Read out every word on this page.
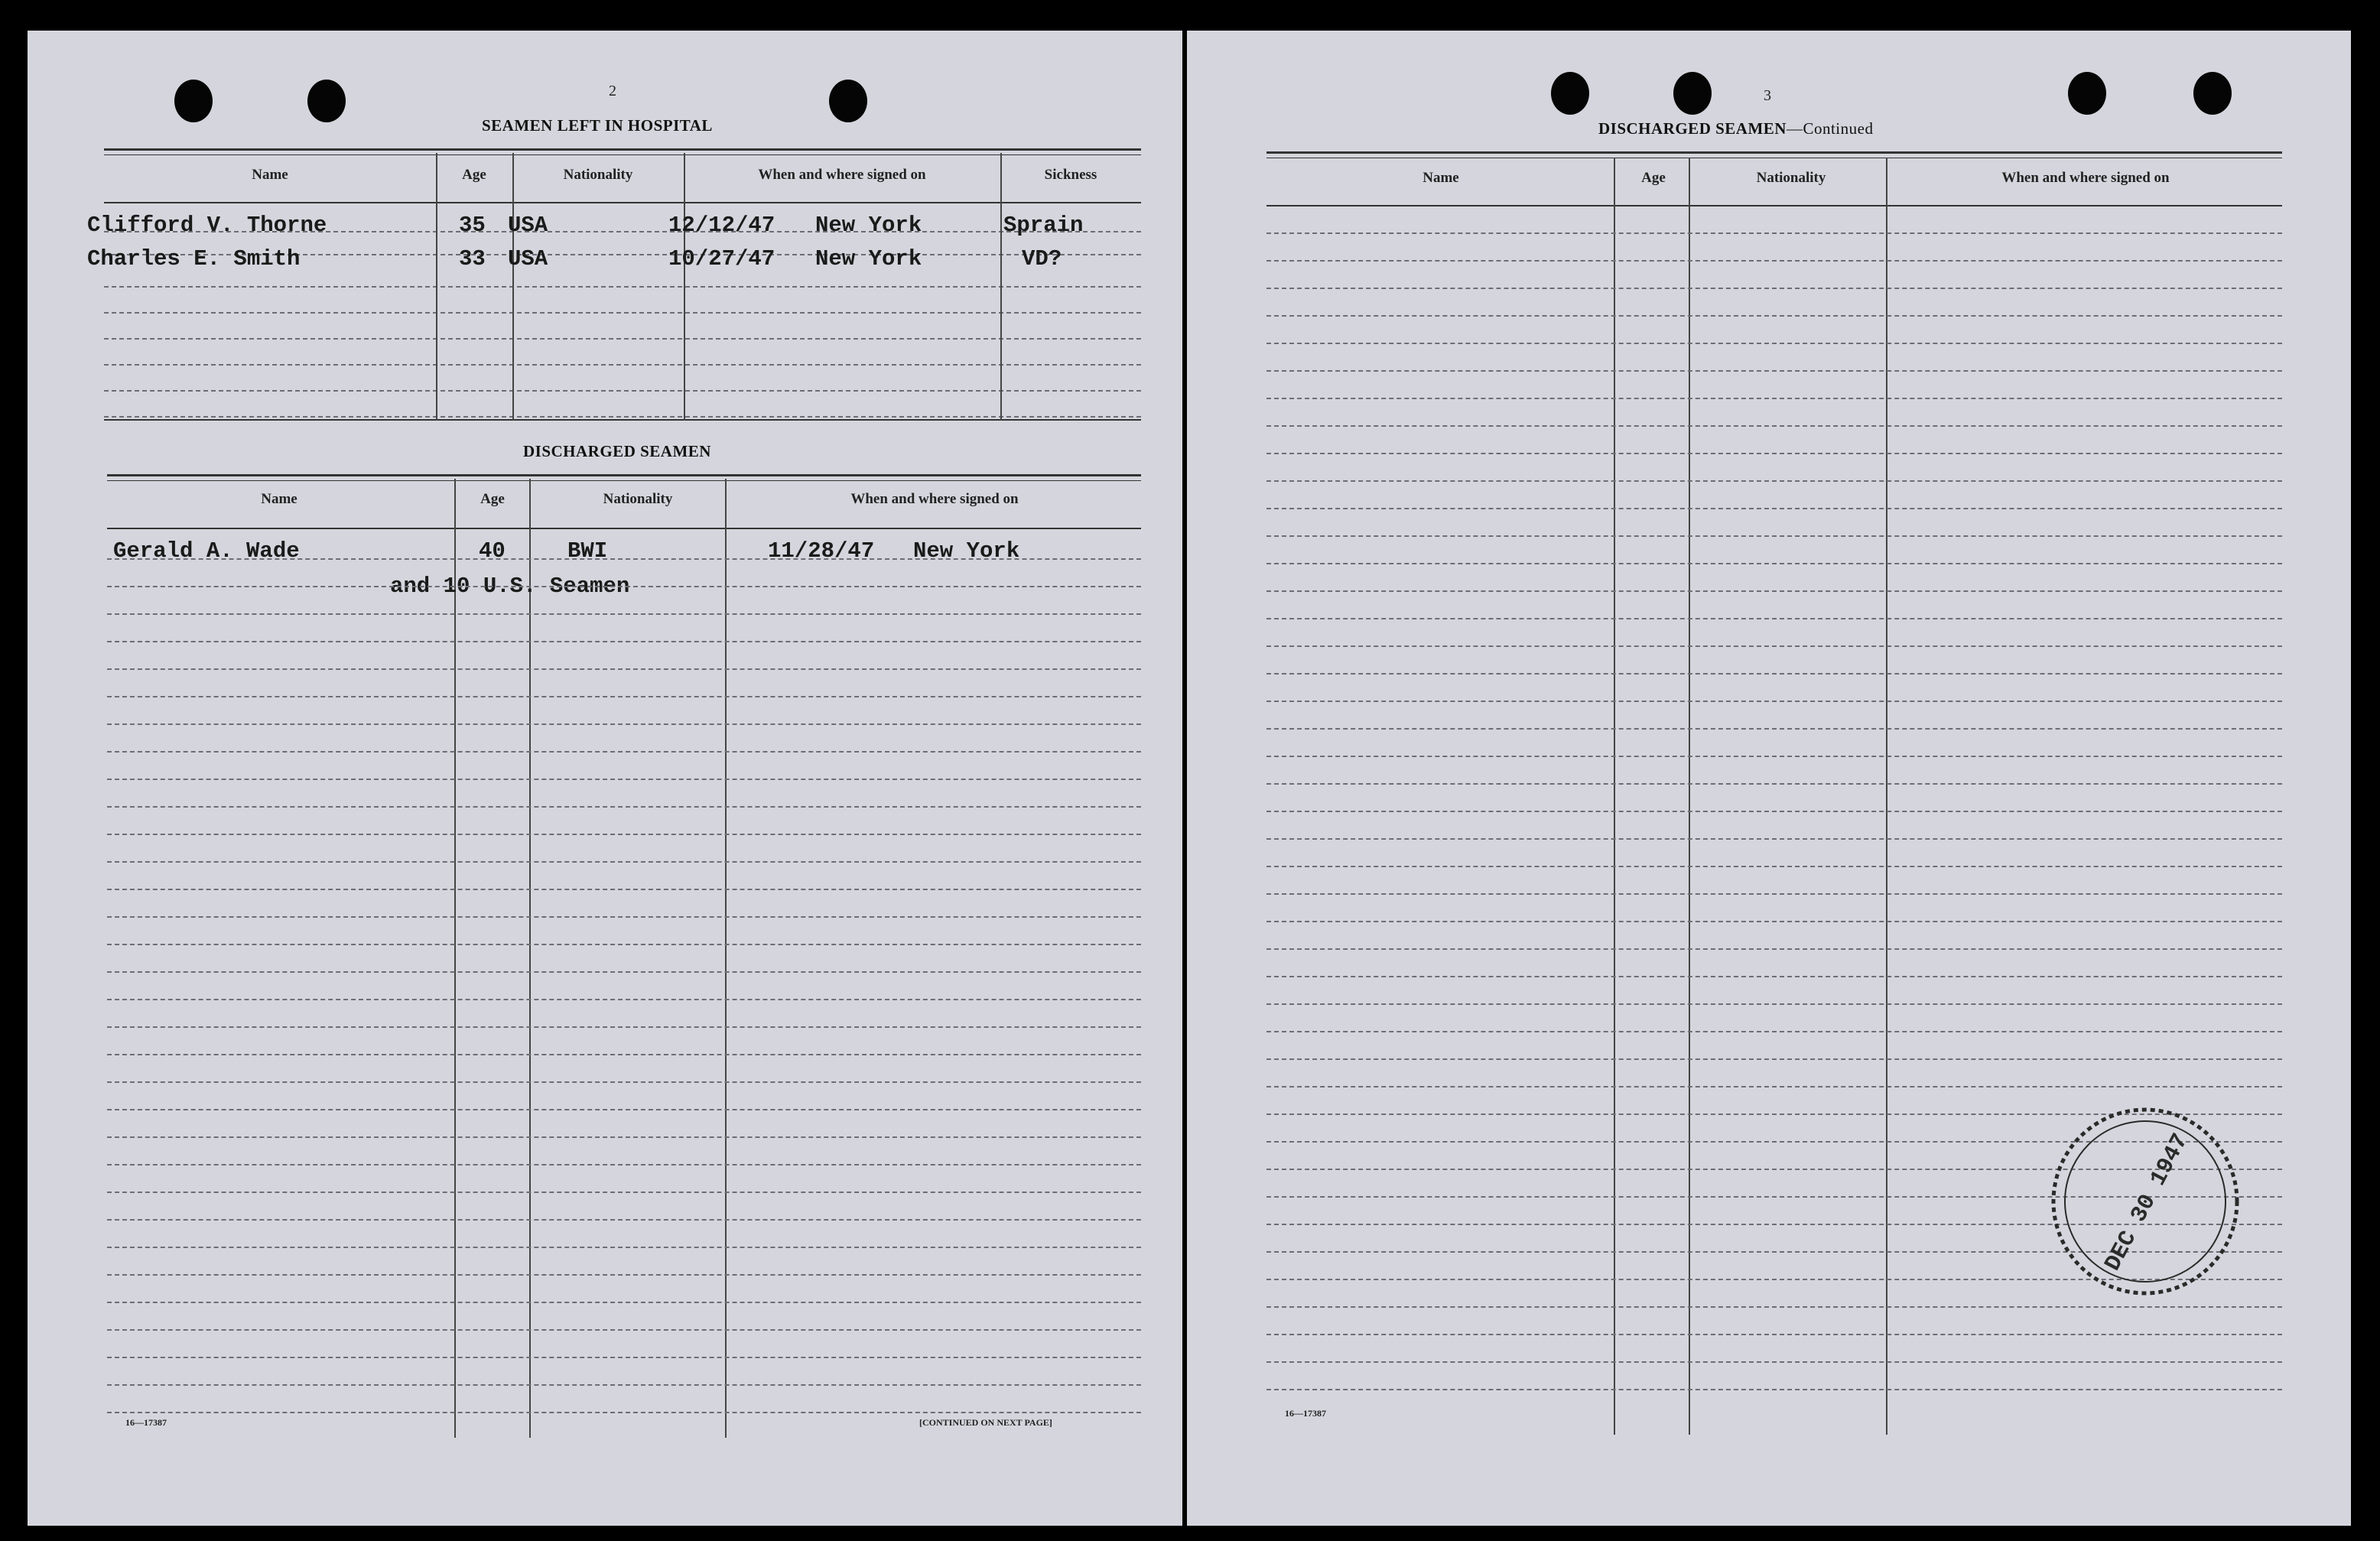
2
SEAMEN LEFT IN HOSPITAL
Name	Age	Nationality	When and where signed on	Sickness
Clifford V. Thorne	35 USA	12/12/47 New York	Sprain
Charles E. Smith	33 USA	10/27/47 New York	VD?
DISCHARGED SEAMEN
Name	Age	Nationality	When and where signed on
Gerald A. Wade	40	BWI	11/28/47 New York
and 10 U.S. Seamen
16—17387	[CONTINUED ON NEXT PAGE]
3
DISCHARGED SEAMEN—Continued
Name	Age	Nationality	When and where signed on
16—17387
DEC 30 1947
